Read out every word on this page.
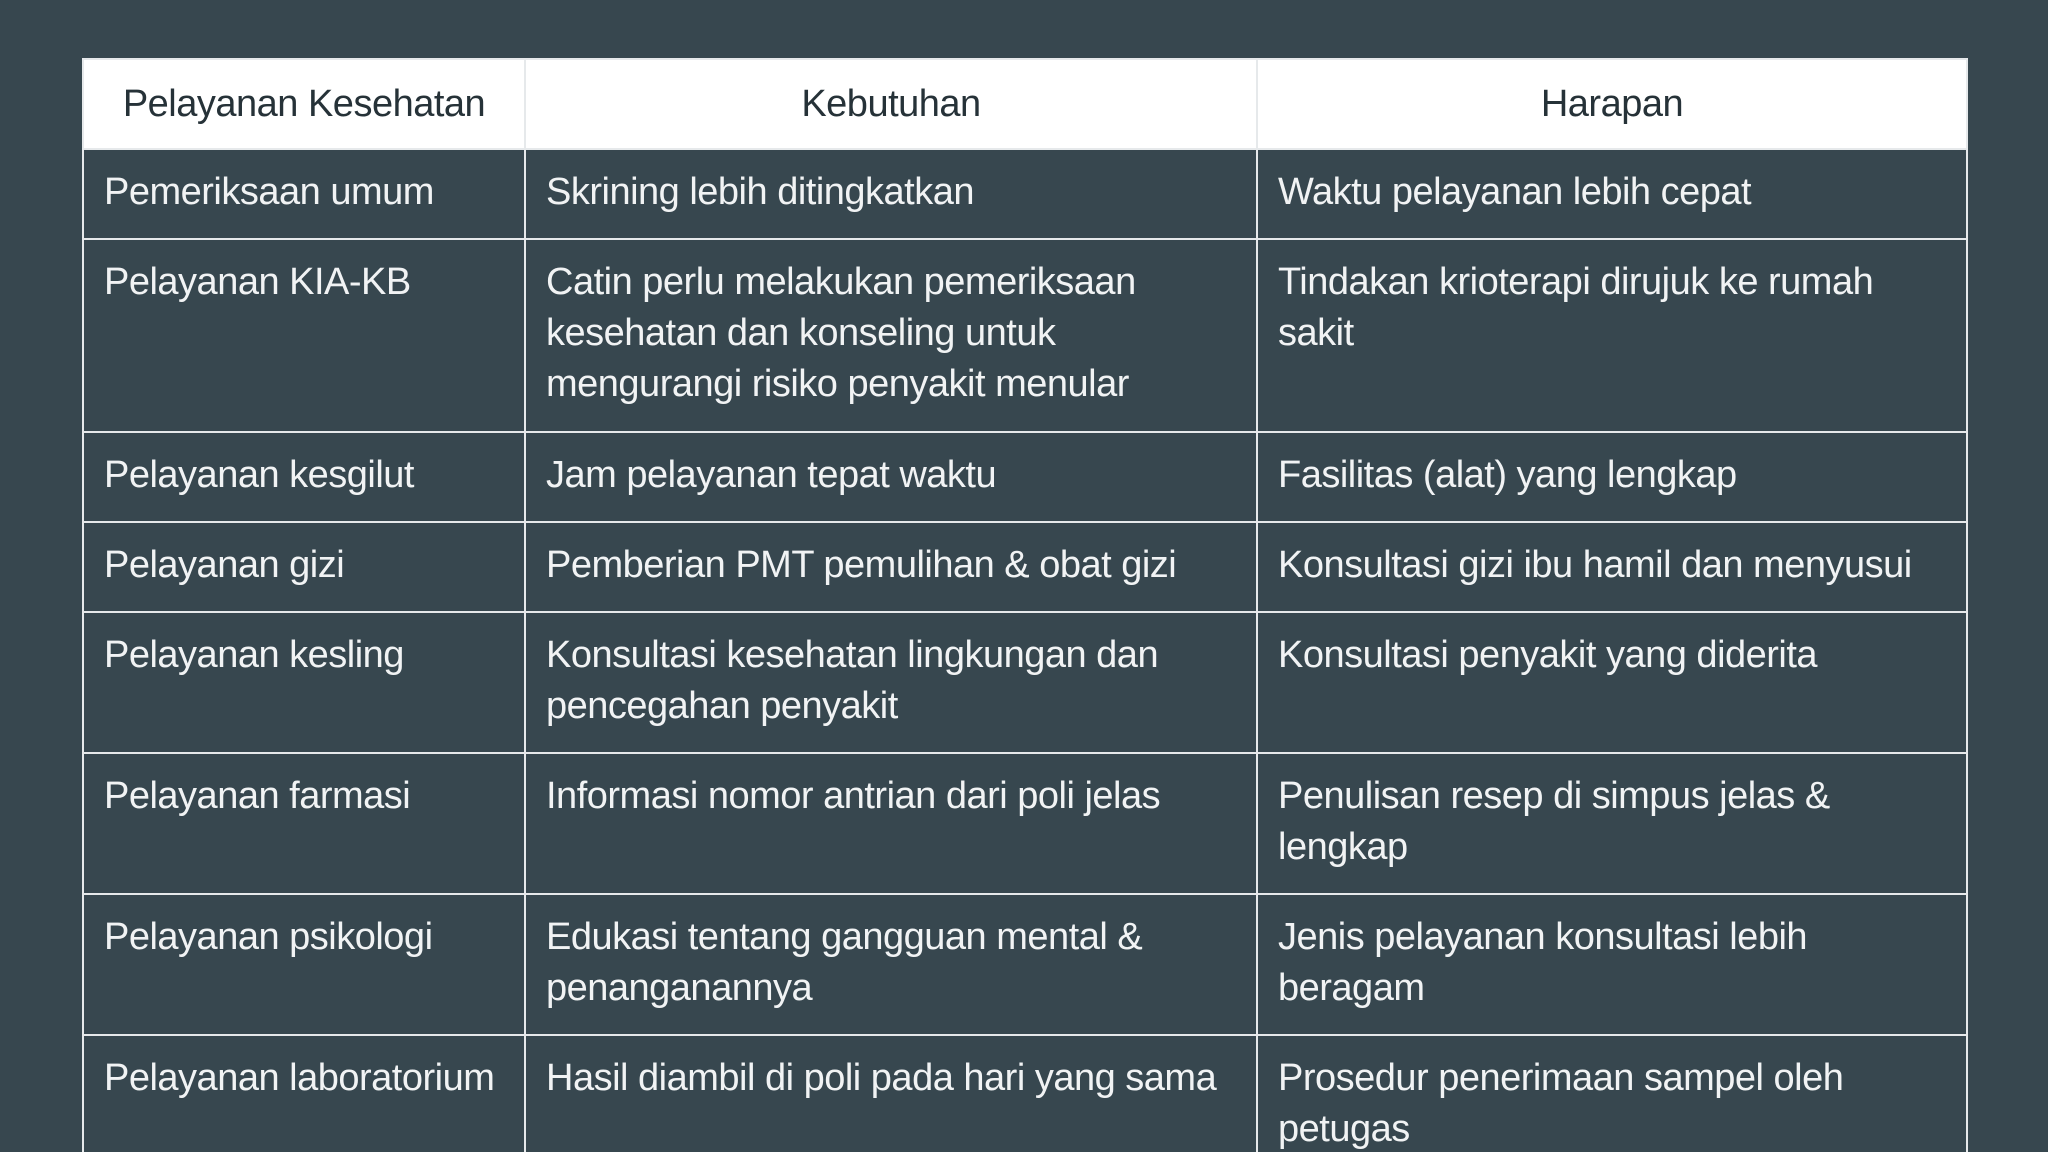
Pelayanan Kesehatan	Kebutuhan	Harapan
Pemeriksaan umum	Skrining lebih ditingkatkan	Waktu pelayanan lebih cepat
Pelayanan KIA-KB	Catin perlu melakukan pemeriksaan kesehatan dan konseling untuk mengurangi risiko penyakit menular	Tindakan krioterapi dirujuk ke rumah sakit
Pelayanan kesgilut	Jam pelayanan tepat waktu	Fasilitas (alat) yang lengkap
Pelayanan gizi	Pemberian PMT pemulihan & obat gizi	Konsultasi gizi ibu hamil dan menyusui
Pelayanan kesling	Konsultasi kesehatan lingkungan dan pencegahan penyakit	Konsultasi penyakit yang diderita
Pelayanan farmasi	Informasi nomor antrian dari poli jelas	Penulisan resep di simpus jelas & lengkap
Pelayanan psikologi	Edukasi tentang gangguan mental & penanganannya	Jenis pelayanan konsultasi lebih beragam
Pelayanan laboratorium	Hasil diambil di poli pada hari yang sama	Prosedur penerimaan sampel oleh petugas
